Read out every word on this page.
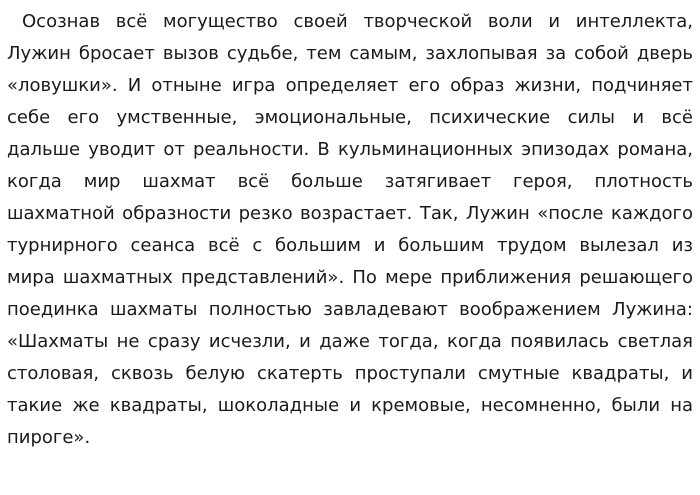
Осознав всё могущество своей творческой воли и интеллекта,
Лужин бросает вызов судьбе, тем самым, захлопывая за собой дверь
«ловушки». И отныне игра определяет его образ жизни, подчиняет
себе его умственные, эмоциональные, психические силы и всё
дальше уводит от реальности. В кульминационных эпизодах романа,
когда мир шахмат всё больше затягивает героя, плотность
шахматной образности резко возрастает. Так, Лужин «после каждого
турнирного сеанса всё с большим и большим трудом вылезал из
мира шахматных представлений». По мере приближения решающего
поединка шахматы полностью завладевают воображением Лужина:
«Шахматы не сразу исчезли, и даже тогда, когда появилась светлая
столовая, сквозь белую скатерть проступали смутные квадраты, и
такие же квадраты, шоколадные и кремовые, несомненно, были на
пироге».
